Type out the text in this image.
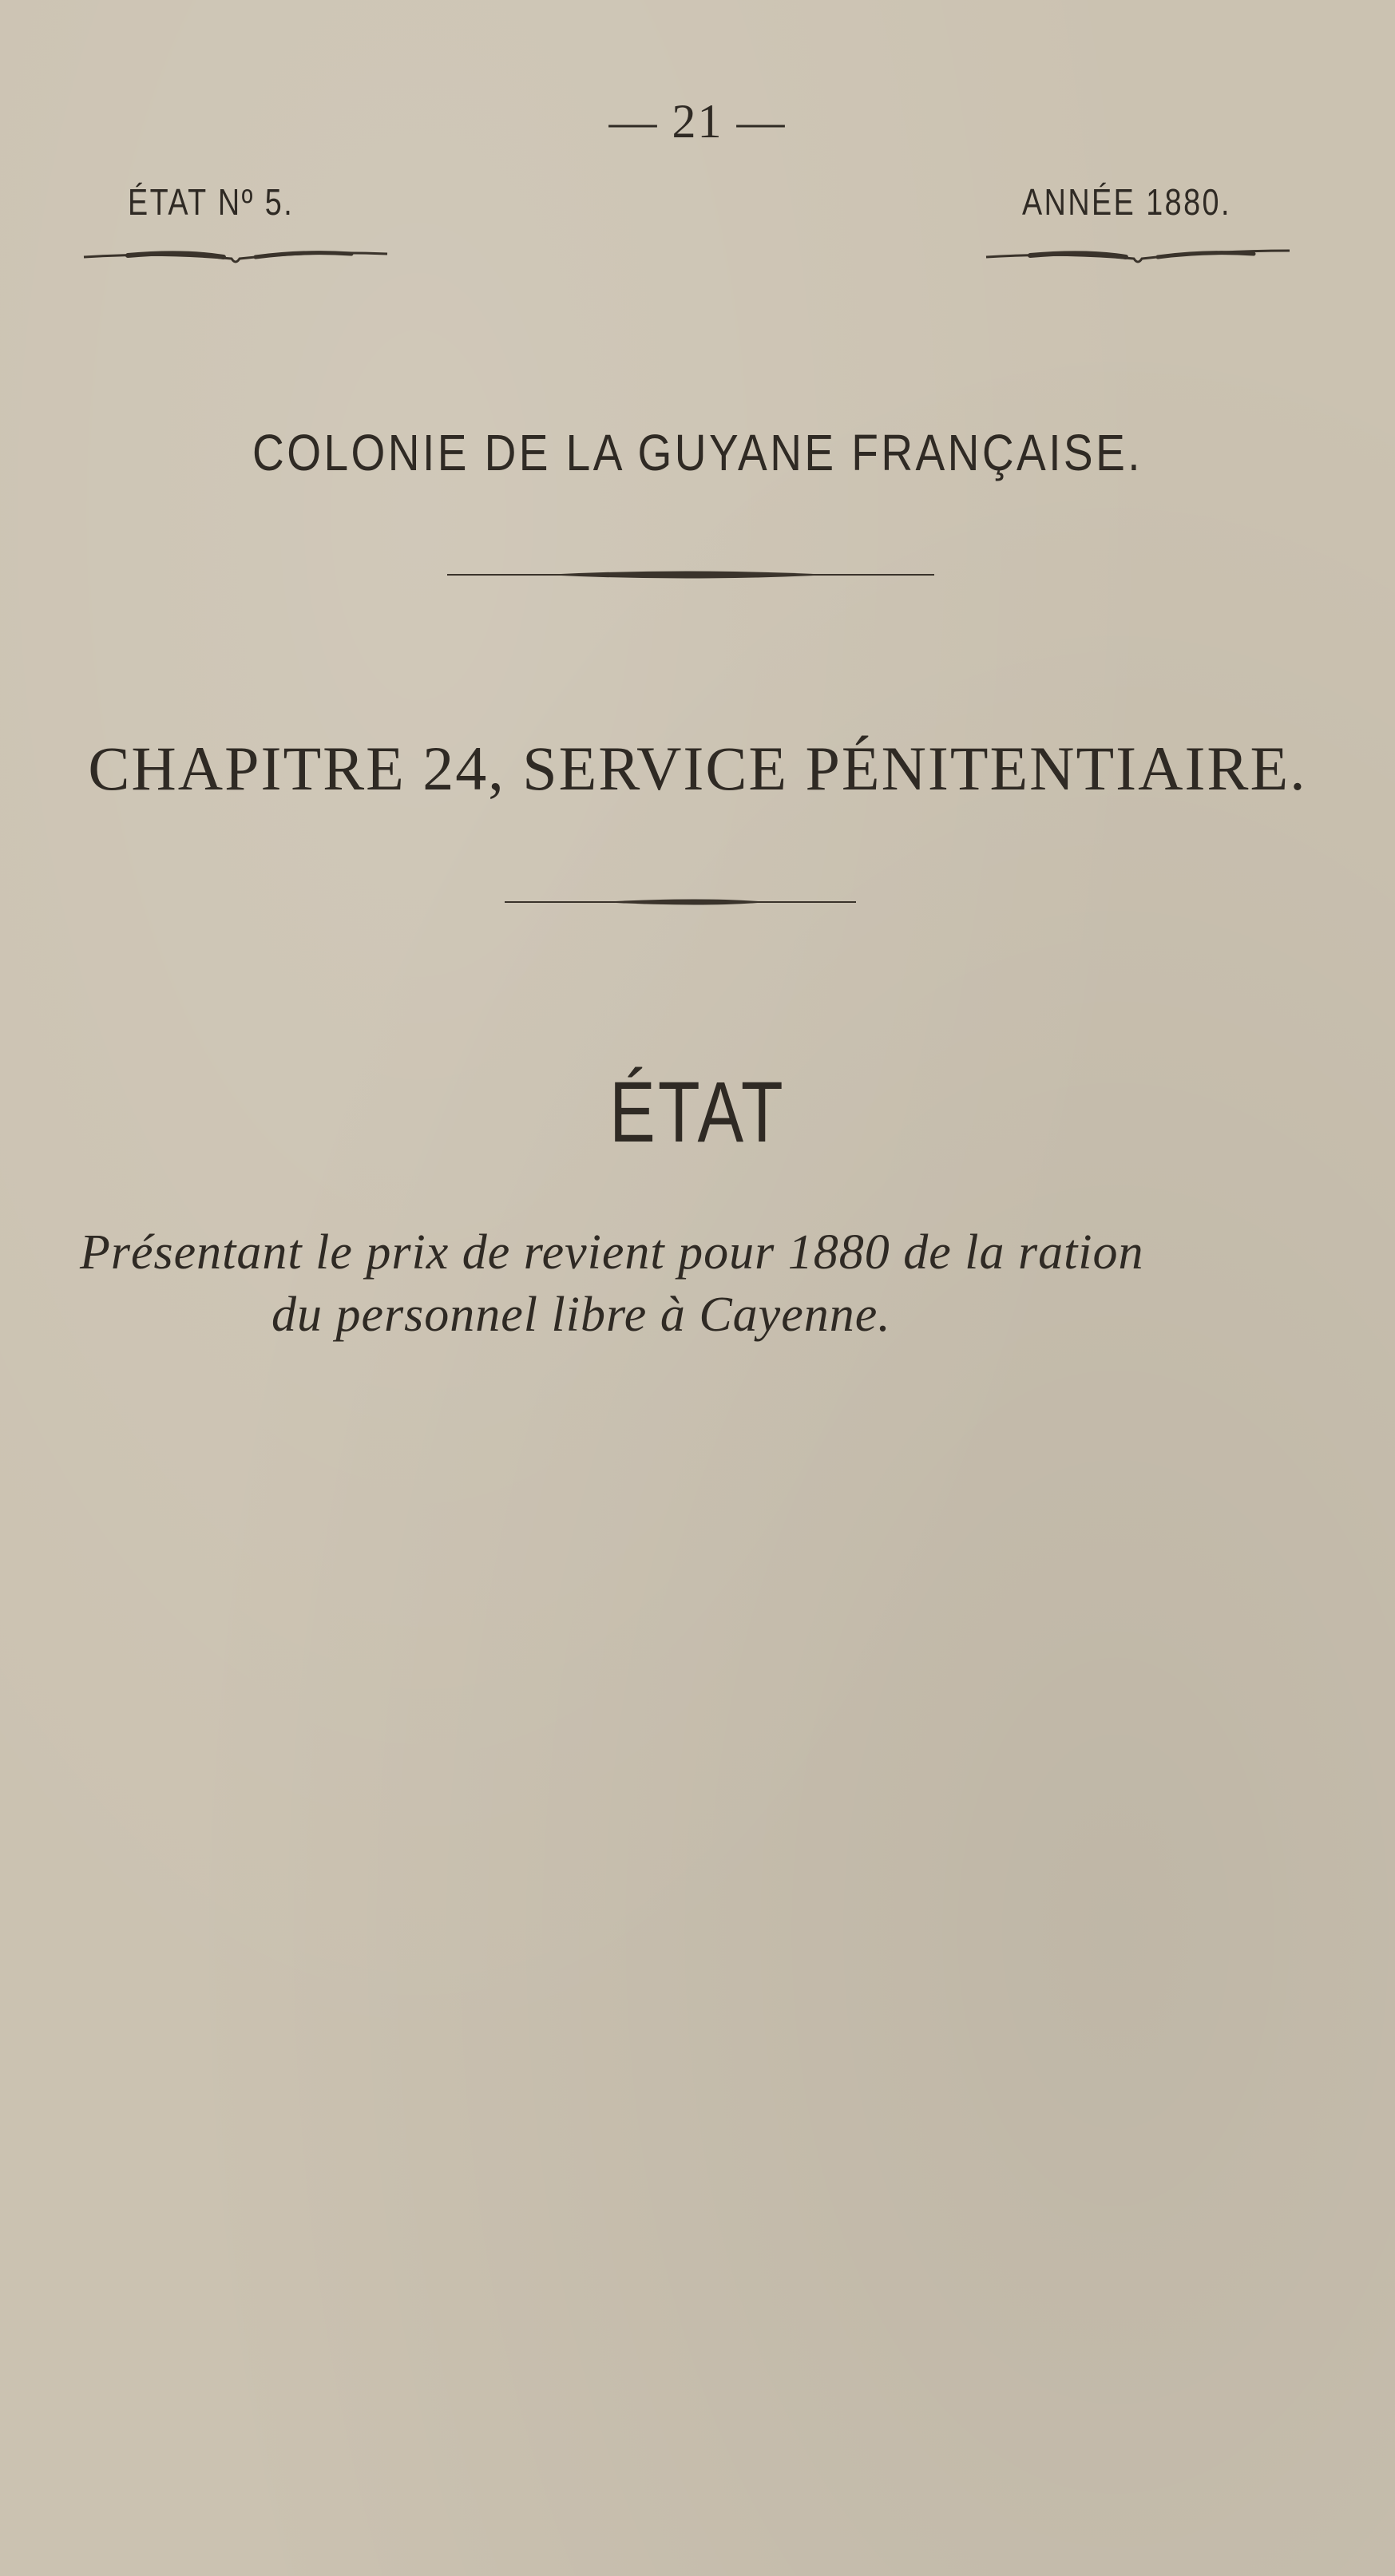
— 21 —
ÉTAT Nº 5.	ANNÉE 1880.
COLONIE DE LA GUYANE FRANÇAISE.
CHAPITRE 24, SERVICE PÉNITENTIAIRE.
ÉTAT
Présentant le prix de revient pour 1880 de la ration
du personnel libre à Cayenne.
